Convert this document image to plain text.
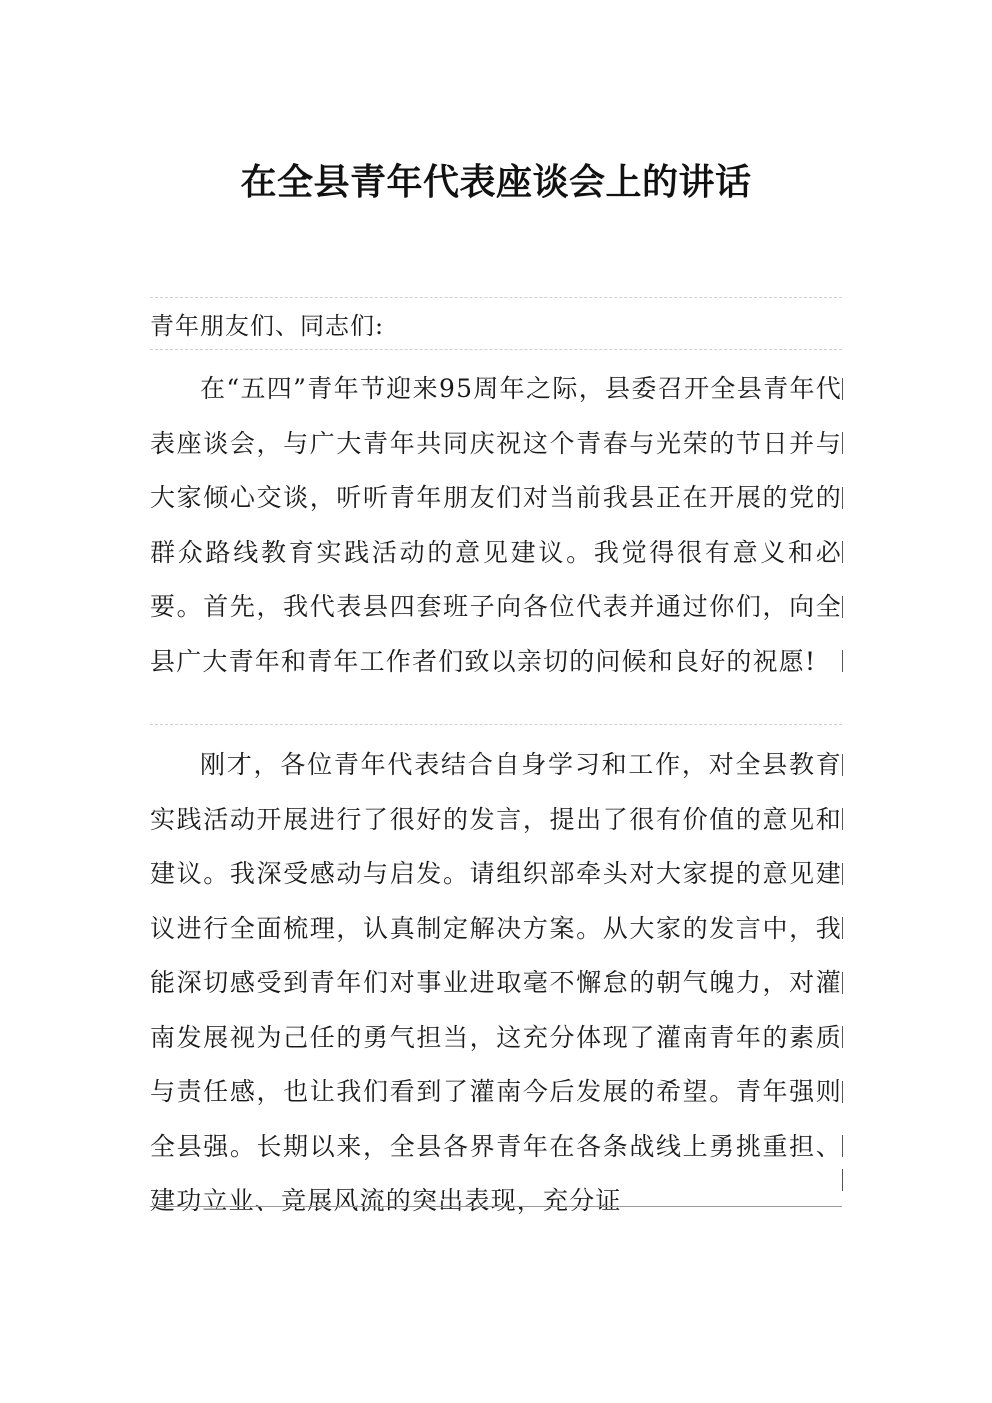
在全县青年代表座谈会上的讲话
青年朋友们、同志们:
在“五四”青年节迎来95周年之际，县委召开全县青年代表座谈会，与广大青年共同庆祝这个青春与光荣的节日并与大家倾心交谈，听听青年朋友们对当前我县正在开展的党的群众路线教育实践活动的意见建议。我觉得很有意义和必要。首先，我代表县四套班子向各位代表并通过你们，向全县广大青年和青年工作者们致以亲切的问候和良好的祝愿!
刚才，各位青年代表结合自身学习和工作，对全县教育实践活动开展进行了很好的发言，提出了很有价值的意见和建议。我深受感动与启发。请组织部牵头对大家提的意见建议进行全面梳理，认真制定解决方案。从大家的发言中，我能深切感受到青年们对事业进取毫不懈怠的朝气魄力，对灌南发展视为己任的勇气担当，这充分体现了灌南青年的素质与责任感，也让我们看到了灌南今后发展的希望。青年强则全县强。长期以来，全县各界青年在各条战线上勇挑重担、建功立业、竞展风流的突出表现，充分证
